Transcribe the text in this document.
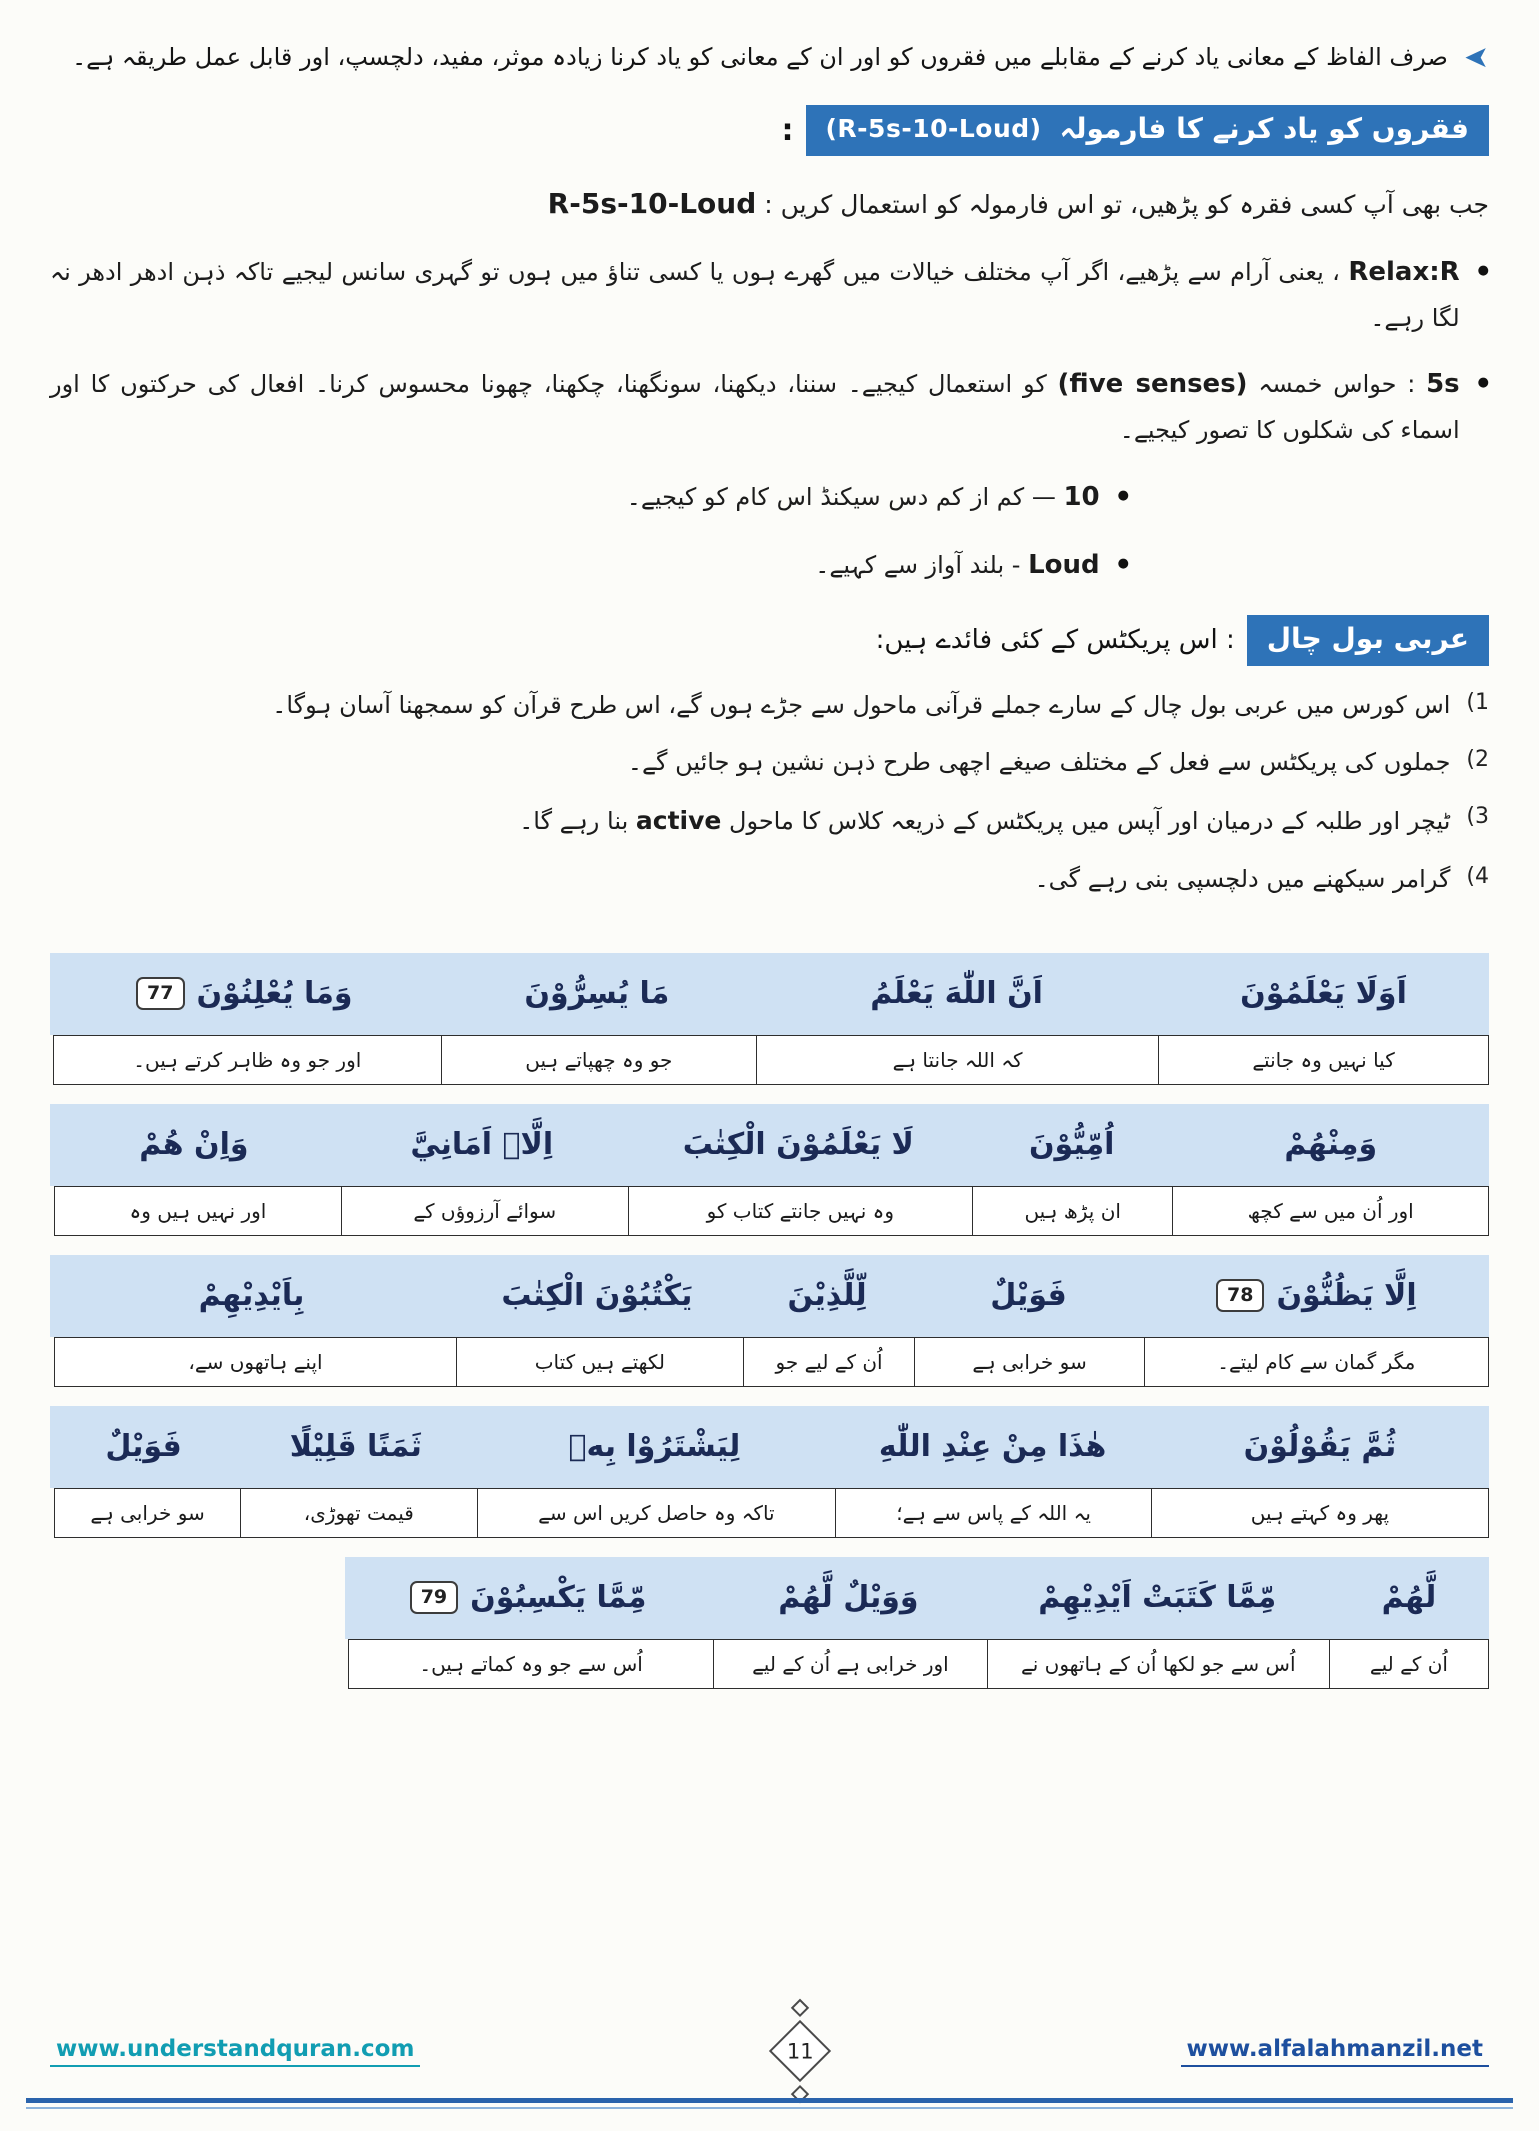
➤

صرف الفاظ کے معانی یاد کرنے کے مقابلے میں فقروں کو اور ان کے معانی کو یاد کرنا زیادہ موثر، مفید، دلچسپ، اور قابل عمل طریقہ ہے۔

فقروں کو یاد کرنے کا فارمولہ
(R-5s-10-Loud)
:

جب بھی آپ کسی فقرہ کو پڑھیں، تو اس فارمولہ کو استعمال کریں : R-5s-10-Loud

●

Relax:R ، یعنی آرام سے پڑھیے، اگر آپ مختلف خیالات میں گھرے ہوں یا کسی تناؤ میں ہوں تو گہری سانس لیجیے تاکہ ذہن ادھر ادھر نہ لگا رہے۔

●

5s : حواس خمسہ (five senses) کو استعمال کیجیے۔ سننا، دیکھنا، سونگھنا، چکھنا، چھونا محسوس کرنا۔ افعال کی حرکتوں کا اور اسماء کی شکلوں کا تصور کیجیے۔

●

10 — کم از کم دس سیکنڈ اس کام کو کیجیے۔

●

Loud - بلند آواز سے کہیے۔

عربی بول چال
: اس پریکٹس کے کئی فائدے ہیں:
1)

اس کورس میں عربی بول چال کے سارے جملے قرآنی ماحول سے جڑے ہوں گے، اس طرح قرآن کو سمجھنا آسان ہوگا۔

2)

جملوں کی پریکٹس سے فعل کے مختلف صیغے اچھی طرح ذہن نشین ہو جائیں گے۔

3)

ٹیچر اور طلبہ کے درمیان اور آپس میں پریکٹس کے ذریعہ کلاس کا ماحول active بنا رہے گا۔

4)

گرامر سیکھنے میں دلچسپی بنی رہے گی۔

اَوَلَا يَعْلَمُوْنَ
اَنَّ اللّٰهَ يَعْلَمُ
مَا يُسِرُّوْنَ
وَمَا يُعْلِنُوْنَ
77
کیا نہیں وہ جانتے
کہ اللہ جانتا ہے
جو وہ چھپاتے ہیں
اور جو وہ ظاہر کرتے ہیں۔
وَمِنْهُمْ
اُمِّيُّوْنَ
لَا يَعْلَمُوْنَ الْكِتٰبَ
اِلَّاۤ اَمَانِيَّ
وَاِنْ هُمْ
اور اُن میں سے کچھ
ان پڑھ ہیں
وہ نہیں جانتے کتاب کو
سوائے آرزوؤں کے
اور نہیں ہیں وہ
اِلَّا يَظُنُّوْنَ
78
فَوَيْلٌ
لِّلَّذِيْنَ
يَكْتُبُوْنَ الْكِتٰبَ
بِاَيْدِيْهِمْ
مگر گمان سے کام لیتے۔
سو خرابی ہے
اُن کے لیے جو
لکھتے ہیں کتاب
اپنے ہاتھوں سے،
ثُمَّ يَقُوْلُوْنَ
هٰذَا مِنْ عِنْدِ اللّٰهِ
لِيَشْتَرُوْا بِهٖ
ثَمَنًا قَلِيْلًا
فَوَيْلٌ
پھر وہ کہتے ہیں
یہ اللہ کے پاس سے ہے؛
تاکہ وہ حاصل کریں اس سے
قیمت تھوڑی،
سو خرابی ہے
لَّهُمْ
مِّمَّا كَتَبَتْ اَيْدِيْهِمْ
وَوَيْلٌ لَّهُمْ
مِّمَّا يَكْسِبُوْنَ
79
اُن کے لیے
اُس سے جو لکھا اُن کے ہاتھوں نے
اور خرابی ہے اُن کے لیے
اُس سے جو وہ کماتے ہیں۔
www.understandquran.com	11	www.alfalahmanzil.net
